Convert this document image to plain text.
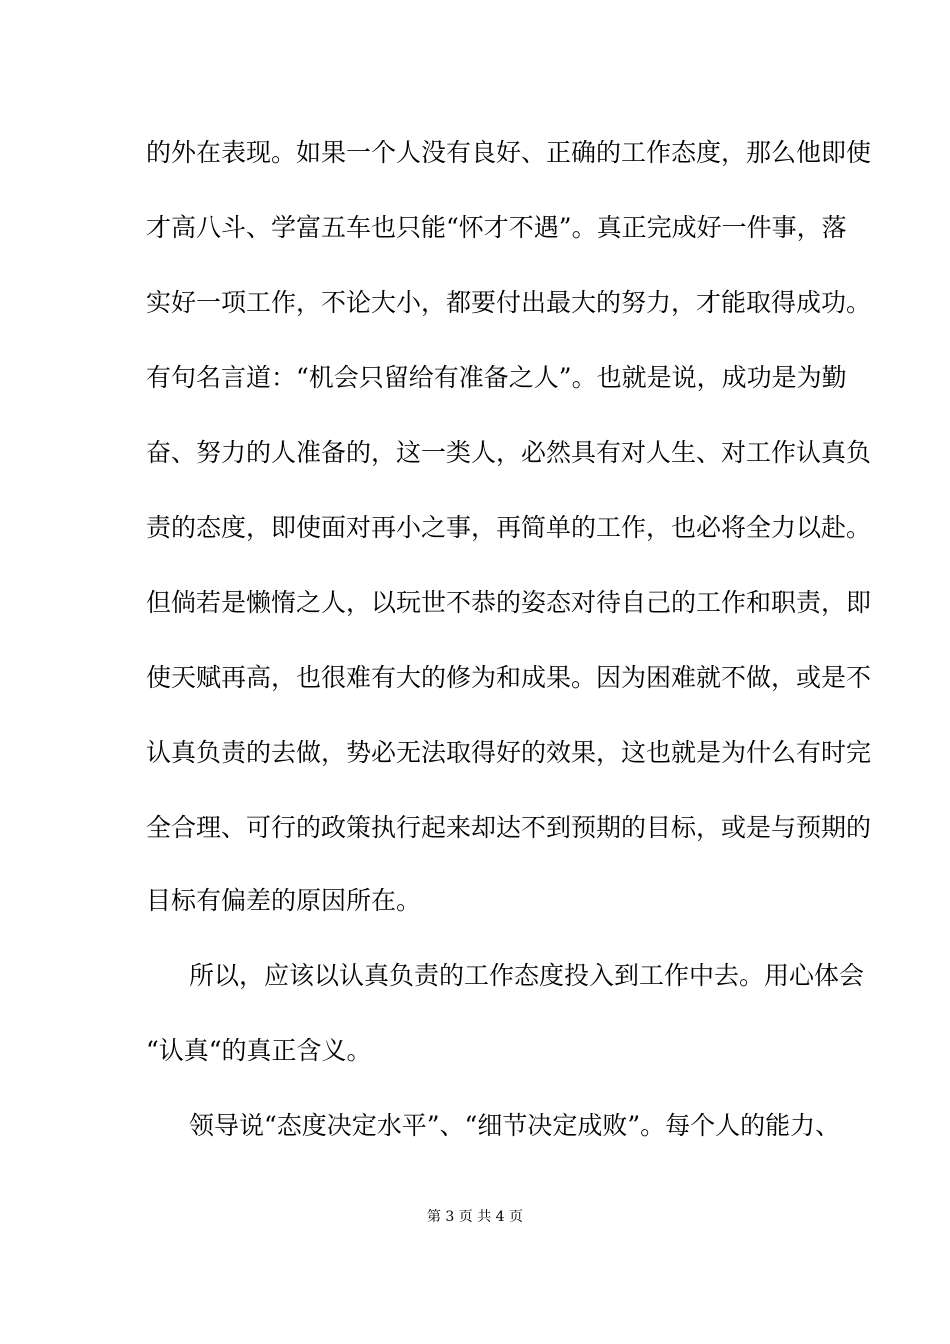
的外在表现。如果一个人没有良好、正确的工作态度，那么他即使
才高八斗、学富五车也只能“怀才不遇”。真正完成好一件事，落
实好一项工作，不论大小，都要付出最大的努力，才能取得成功。
有句名言道：“机会只留给有准备之人”。也就是说，成功是为勤
奋、努力的人准备的，这一类人，必然具有对人生、对工作认真负
责的态度，即使面对再小之事，再简单的工作，也必将全力以赴。
但倘若是懒惰之人，以玩世不恭的姿态对待自己的工作和职责，即
使天赋再高，也很难有大的修为和成果。因为困难就不做，或是不
认真负责的去做，势必无法取得好的效果，这也就是为什么有时完
全合理、可行的政策执行起来却达不到预期的目标，或是与预期的
目标有偏差的原因所在。
所以，应该以认真负责的工作态度投入到工作中去。用心体会
“认真“的真正含义。
领导说“态度决定水平”、“细节决定成败”。每个人的能力、
第 3 页 共 4 页
